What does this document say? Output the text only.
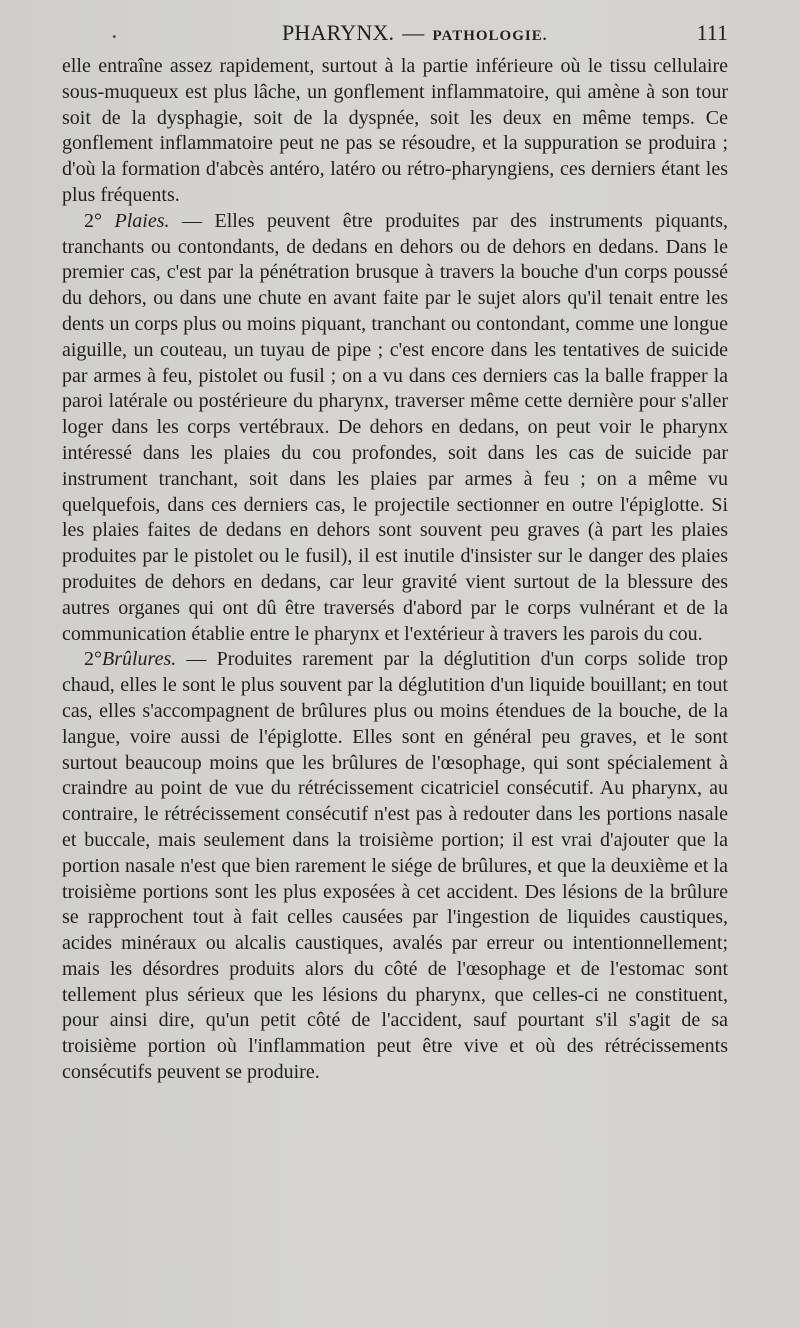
•	PHARYNX. — PATHOLOGIE.	111

elle entraîne assez rapidement, surtout à la partie inférieure où le tissu cellulaire sous-muqueux est plus lâche, un gonflement inflammatoire, qui amène à son tour soit de la dysphagie, soit de la dyspnée, soit les deux en même temps. Ce gonflement inflammatoire peut ne pas se résoudre, et la suppuration se produira ; d'où la formation d'abcès antéro, latéro ou rétro-pharyngiens, ces derniers étant les plus fréquents.

2° Plaies. — Elles peuvent être produites par des instruments piquants, tranchants ou contondants, de dedans en dehors ou de dehors en dedans. Dans le premier cas, c'est par la pénétration brusque à travers la bouche d'un corps poussé du dehors, ou dans une chute en avant faite par le sujet alors qu'il tenait entre les dents un corps plus ou moins piquant, tranchant ou contondant, comme une longue aiguille, un couteau, un tuyau de pipe ; c'est encore dans les tentatives de suicide par armes à feu, pistolet ou fusil ; on a vu dans ces derniers cas la balle frapper la paroi latérale ou postérieure du pharynx, traverser même cette dernière pour s'aller loger dans les corps vertébraux. De dehors en dedans, on peut voir le pharynx intéressé dans les plaies du cou profondes, soit dans les cas de suicide par instrument tranchant, soit dans les plaies par armes à feu ; on a même vu quelquefois, dans ces derniers cas, le projectile sectionner en outre l'épiglotte. Si les plaies faites de dedans en dehors sont souvent peu graves (à part les plaies produites par le pistolet ou le fusil), il est inutile d'insister sur le danger des plaies produites de dehors en dedans, car leur gravité vient surtout de la blessure des autres organes qui ont dû être traversés d'abord par le corps vulnérant et de la communication établie entre le pharynx et l'extérieur à travers les parois du cou.

2°Brûlures. — Produites rarement par la déglutition d'un corps solide trop chaud, elles le sont le plus souvent par la déglutition d'un liquide bouillant; en tout cas, elles s'accompagnent de brûlures plus ou moins étendues de la bouche, de la langue, voire aussi de l'épiglotte. Elles sont en général peu graves, et le sont surtout beaucoup moins que les brûlures de l'œsophage, qui sont spécialement à craindre au point de vue du rétrécissement cicatriciel consécutif. Au pharynx, au contraire, le rétrécissement consécutif n'est pas à redouter dans les portions nasale et buccale, mais seulement dans la troisième portion; il est vrai d'ajouter que la portion nasale n'est que bien rarement le siége de brûlures, et que la deuxième et la troisième portions sont les plus exposées à cet accident. Des lésions de la brûlure se rapprochent tout à fait celles causées par l'ingestion de liquides caustiques, acides minéraux ou alcalis caustiques, avalés par erreur ou intentionnellement; mais les désordres produits alors du côté de l'œsophage et de l'estomac sont tellement plus sérieux que les lésions du pharynx, que celles-ci ne constituent, pour ainsi dire, qu'un petit côté de l'accident, sauf pourtant s'il s'agit de sa troisième portion où l'inflammation peut être vive et où des rétrécissements consécutifs peuvent se produire.
